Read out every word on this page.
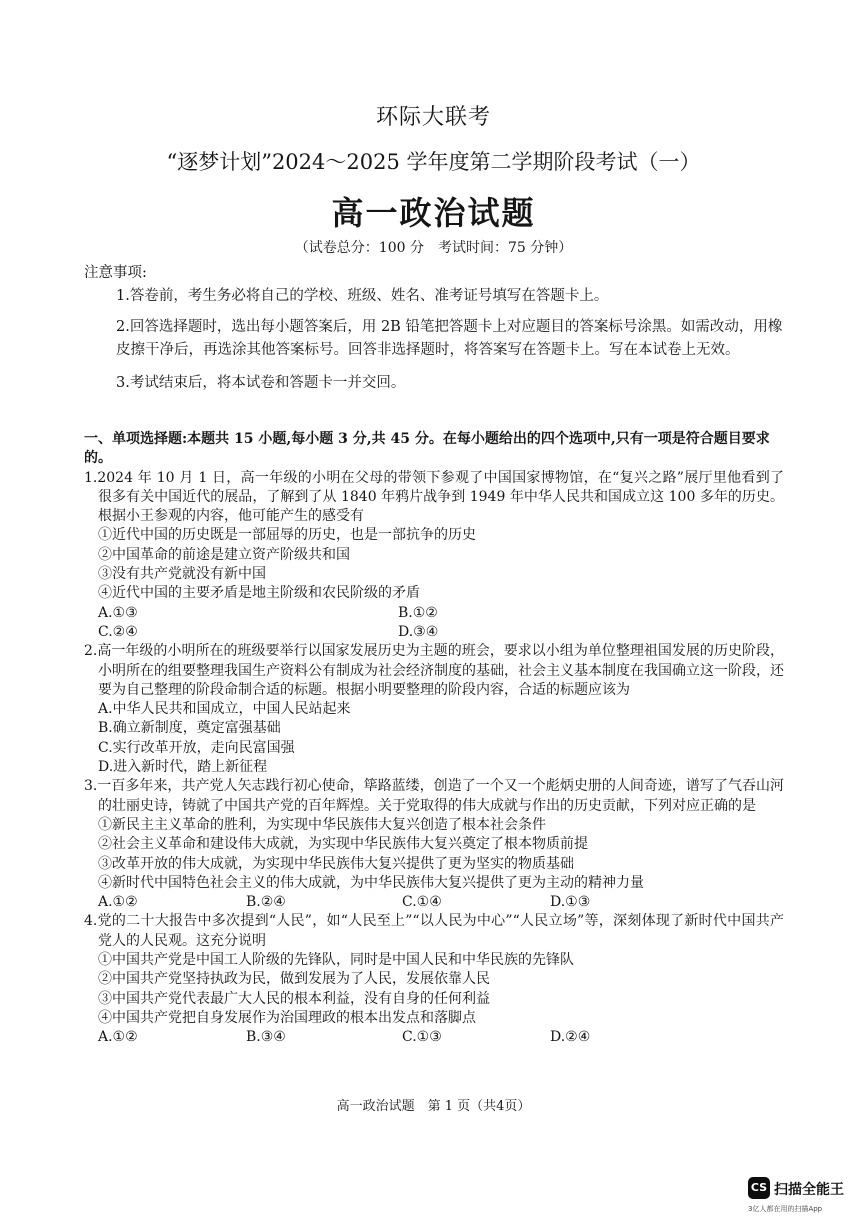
环际大联考
“逐梦计划”2024～2025 学年度第二学期阶段考试（一）
高一政治试题
（试卷总分：100 分　考试时间：75 分钟）

注意事项:

1.答卷前，考生务必将自己的学校、班级、姓名、准考证号填写在答题卡上。

2.回答选择题时，选出每小题答案后，用 2B 铅笔把答题卡上对应题目的答案标号涂黑。如需改动，用橡皮擦干净后，再选涂其他答案标号。回答非选择题时，将答案写在答题卡上。写在本试卷上无效。

3.考试结束后，将本试卷和答题卡一并交回。

一、单项选择题:本题共 15 小题,每小题 3 分,共 45 分。在每小题给出的四个选项中,只有一项是符合题目要求的。

1.2024 年 10 月 1 日，高一年级的小明在父母的带领下参观了中国国家博物馆，在“复兴之路”展厅里他看到了很多有关中国近代的展品，了解到了从 1840 年鸦片战争到 1949 年中华人民共和国成立这 100 多年的历史。根据小王参观的内容，他可能产生的感受有

①近代中国的历史既是一部屈辱的历史，也是一部抗争的历史

②中国革命的前途是建立资产阶级共和国

③没有共产党就没有新中国

④近代中国的主要矛盾是地主阶级和农民阶级的矛盾

A.①③	B.①②
C.②④	D.③④

2.高一年级的小明所在的班级要举行以国家发展历史为主题的班会，要求以小组为单位整理祖国发展的历史阶段，小明所在的组要整理我国生产资料公有制成为社会经济制度的基础，社会主义基本制度在我国确立这一阶段，还要为自己整理的阶段命制合适的标题。根据小明要整理的阶段内容，合适的标题应该为

A.中华人民共和国成立，中国人民站起来

B.确立新制度，奠定富强基础

C.实行改革开放，走向民富国强

D.进入新时代，踏上新征程

3.一百多年来，共产党人矢志践行初心使命，筚路蓝缕，创造了一个又一个彪炳史册的人间奇迹，谱写了气吞山河的壮丽史诗，铸就了中国共产党的百年辉煌。关于党取得的伟大成就与作出的历史贡献，下列对应正确的是

①新民主主义革命的胜利，为实现中华民族伟大复兴创造了根本社会条件

②社会主义革命和建设伟大成就，为实现中华民族伟大复兴奠定了根本物质前提

③改革开放的伟大成就，为实现中华民族伟大复兴提供了更为坚实的物质基础

④新时代中国特色社会主义的伟大成就，为中华民族伟大复兴提供了更为主动的精神力量

A.①②	B.②④	C.①④	D.①③

4.党的二十大报告中多次提到“人民”，如“人民至上”“以人民为中心”“人民立场”等，深刻体现了新时代中国共产党人的人民观。这充分说明

①中国共产党是中国工人阶级的先锋队，同时是中国人民和中华民族的先锋队

②中国共产党坚持执政为民，做到发展为了人民，发展依靠人民

③中国共产党代表最广大人民的根本利益，没有自身的任何利益

④中国共产党把自身发展作为治国理政的根本出发点和落脚点

A.①②	B.③④	C.①③	D.②④
高一政治试题　第 1 页（共4页）
CS 扫描全能王
3亿人都在用的扫描App
